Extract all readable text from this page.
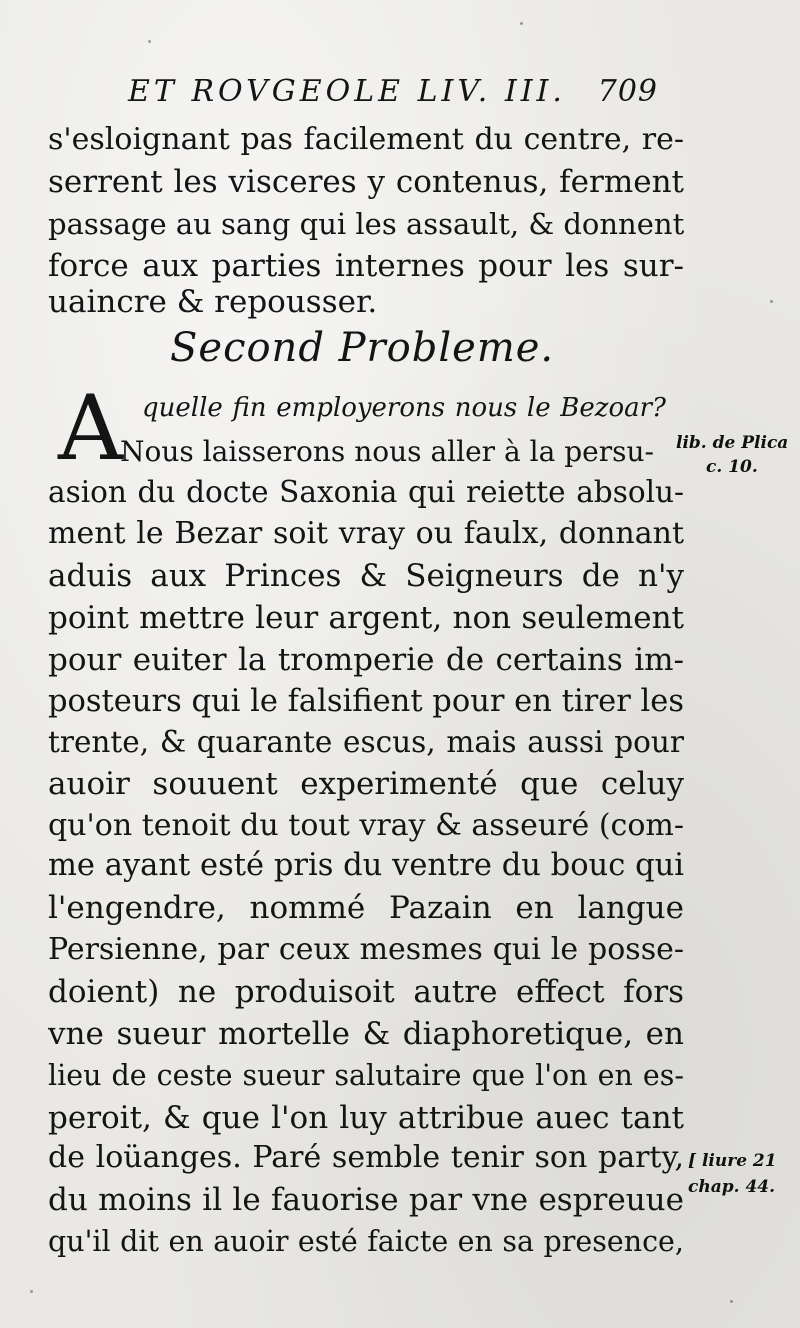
ET ROVGEOLE LIV. III. 709
s'esloignant pas facilement du centre, re-
serrent les visceres y contenus, ferment
passage au sang qui les assault, & donnent
force aux parties internes pour les sur-
uaincre & repousser.
Second Probleme.
A quelle fin employerons nous le Bezoar?
Nous laisserons nous aller à la persu-
asion du docte Saxonia qui reiette absolu-
ment le Bezar soit vray ou faulx, donnant
aduis aux Princes & Seigneurs de n'y
point mettre leur argent, non seulement
pour euiter la tromperie de certains im-
posteurs qui le falsifient pour en tirer les
trente, & quarante escus, mais aussi pour
auoir souuent experimenté que celuy
qu'on tenoit du tout vray & asseuré (com-
me ayant esté pris du ventre du bouc qui
l'engendre, nommé Pazain en langue
Persienne, par ceux mesmes qui le posse-
doient) ne produisoit autre effect fors
vne sueur mortelle & diaphoretique, en
lieu de ceste sueur salutaire que l'on en es-
peroit, & que l'on luy attribue auec tant
de loüanges. Paré semble tenir son party,
du moins il le fauorise par vne espreuue
qu'il dit en auoir esté faicte en sa presence,
lib. de Plica
c. 10.
[ liure 21
chap. 44.
